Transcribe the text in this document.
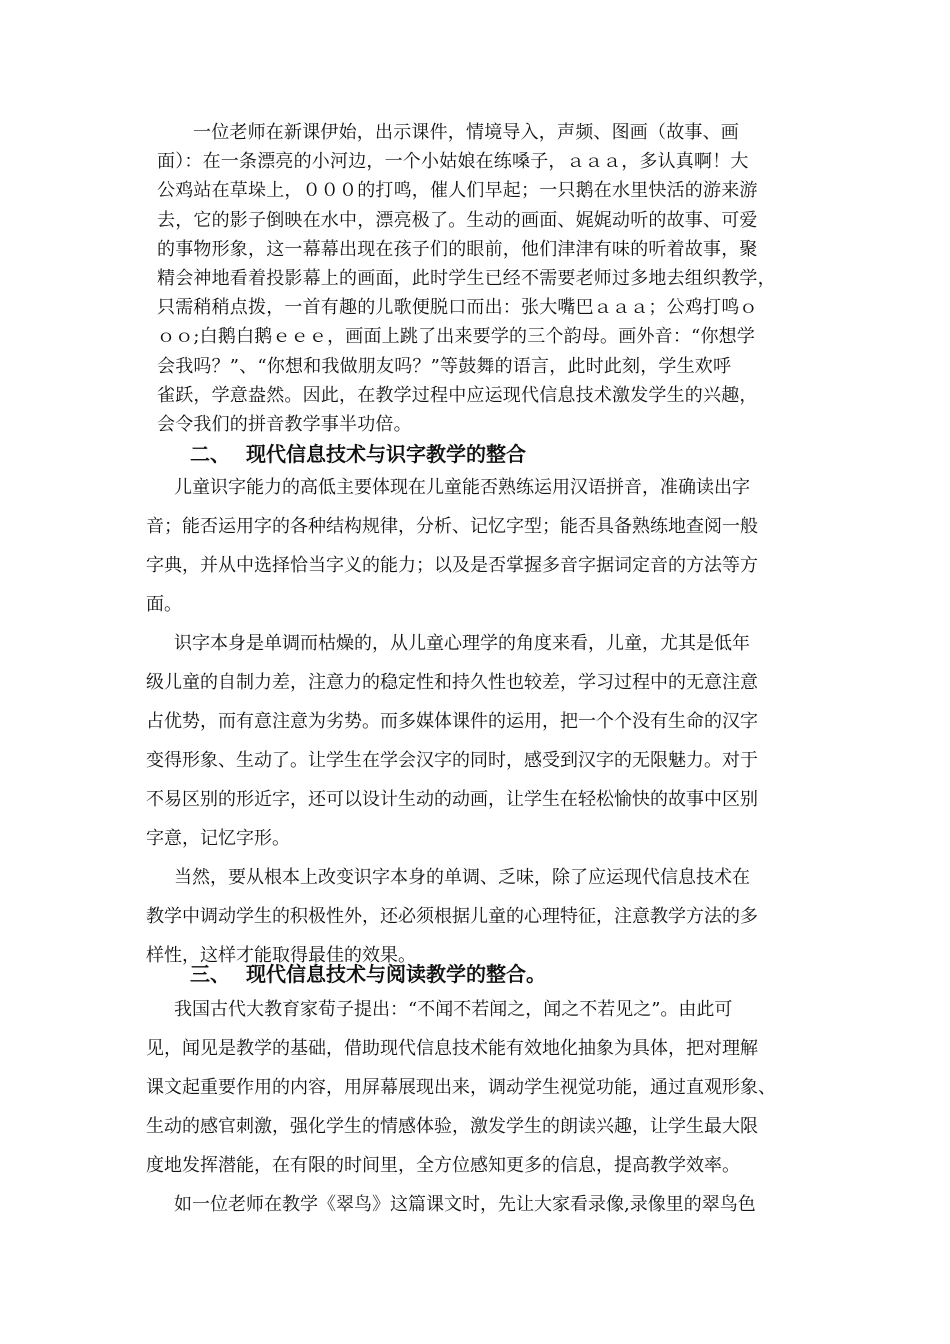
一位老师在新课伊始，出示课件，情境导入，声频、图画（故事、画
面）：在一条漂亮的小河边，一个小姑娘在练嗓子，ａａａ，多认真啊！大
公鸡站在草垛上，０００的打鸣，催人们早起；一只鹅在水里快活的游来游
去，它的影子倒映在水中，漂亮极了。生动的画面、娓娓动听的故事、可爱
的事物形象，这一幕幕出现在孩子们的眼前，他们津津有味的听着故事，聚
精会神地看着投影幕上的画面，此时学生已经不需要老师过多地去组织教学，
只需稍稍点拨，一首有趣的儿歌便脱口而出：张大嘴巴ａａａ；公鸡打鸣ｏ
ｏｏ;白鹅白鹅ｅｅｅ，画面上跳了出来要学的三个韵母。画外音：“你想学
会我吗？”、“你想和我做朋友吗？”等鼓舞的语言，此时此刻，学生欢呼
雀跃，学意盎然。因此，在教学过程中应运现代信息技术激发学生的兴趣，
会令我们的拼音教学事半功倍。
二、 现代信息技术与识字教学的整合
儿童识字能力的高低主要体现在儿童能否熟练运用汉语拼音，准确读出字
音；能否运用字的各种结构规律，分析、记忆字型；能否具备熟练地查阅一般
字典，并从中选择恰当字义的能力；以及是否掌握多音字据词定音的方法等方
面。
识字本身是单调而枯燥的，从儿童心理学的角度来看，儿童，尤其是低年
级儿童的自制力差，注意力的稳定性和持久性也较差，学习过程中的无意注意
占优势，而有意注意为劣势。而多媒体课件的运用，把一个个没有生命的汉字
变得形象、生动了。让学生在学会汉字的同时，感受到汉字的无限魅力。对于
不易区别的形近字，还可以设计生动的动画，让学生在轻松愉快的故事中区别
字意，记忆字形。
当然，要从根本上改变识字本身的单调、乏味，除了应运现代信息技术在
教学中调动学生的积极性外，还必须根据儿童的心理特征，注意教学方法的多
样性，这样才能取得最佳的效果。
三、 现代信息技术与阅读教学的整合。
我国古代大教育家荀子提出：“不闻不若闻之，闻之不若见之”。由此可
见，闻见是教学的基础，借助现代信息技术能有效地化抽象为具体，把对理解
课文起重要作用的内容，用屏幕展现出来，调动学生视觉功能，通过直观形象、
生动的感官刺激，强化学生的情感体验，激发学生的朗读兴趣，让学生最大限
度地发挥潜能，在有限的时间里，全方位感知更多的信息，提高教学效率。
如一位老师在教学《翠鸟》这篇课文时，先让大家看录像,录像里的翠鸟色
